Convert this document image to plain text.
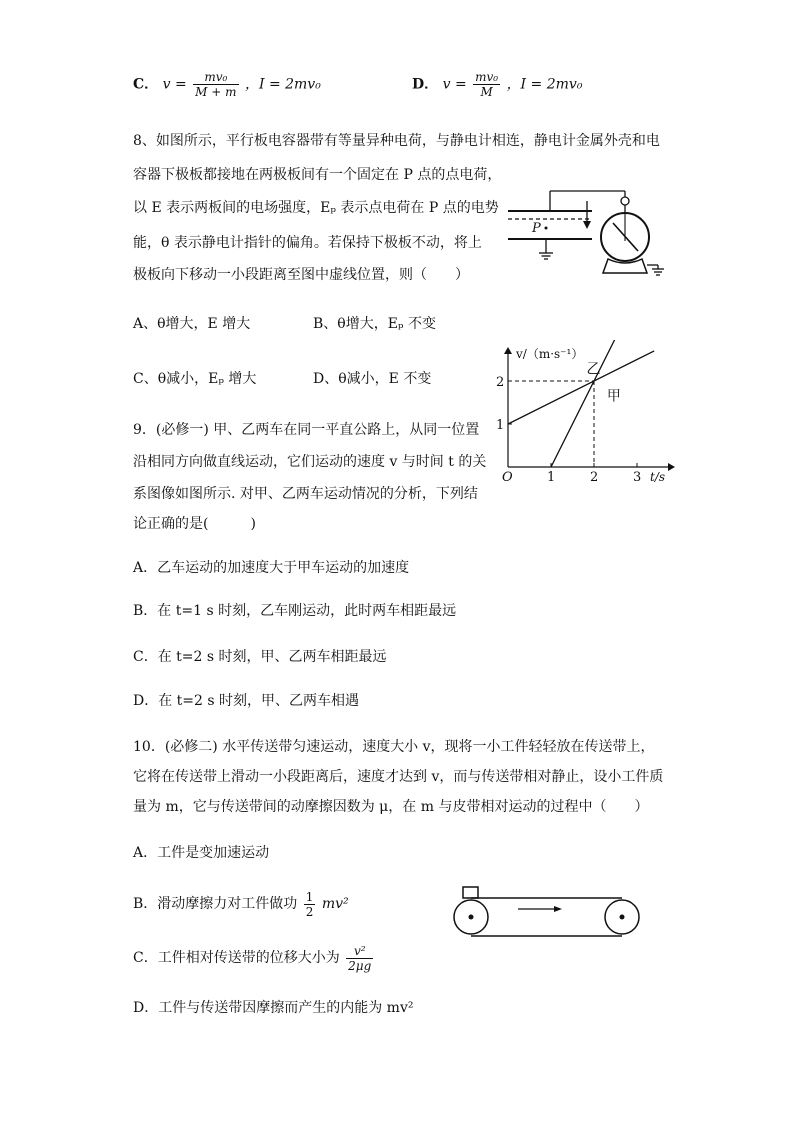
C． $v = \frac{\text{mv₀}}{M + m}$ ，I = 2mv₀	D． $v = \frac{\text{mv₀}}{M}$ ，I = 2mv₀
8、如图所示，平行板电容器带有等量异种电荷，与静电计相连，静电计金属外壳和电
容器下极板都接地在两极板间有一个固定在 P 点的点电荷，
以 E 表示两板间的电场强度，Eₚ 表示点电荷在 P 点的电势
能，θ 表示静电计指针的偏角。若保持下极板不动，将上
极板向下移动一小段距离至图中虚线位置，则（　　）
P
A、θ增大，E 增大	B、θ增大，Eₚ 不变
C、θ减小，Eₚ 增大	D、θ减小，E 不变
9．(必修一) 甲、乙两车在同一平直公路上，从同一位置
沿相同方向做直线运动，它们运动的速度 v 与时间 t 的关
系图像如图所示. 对甲、乙两车运动情况的分析，下列结
论正确的是(　　　)
v/（m·s⁻¹）
t/s
O	1	2	3
1
2
甲
乙
A．乙车运动的加速度大于甲车运动的加速度
B．在 t=1 s 时刻，乙车刚运动，此时两车相距最远
C．在 t=2 s 时刻，甲、乙两车相距最远
D．在 t=2 s 时刻，甲、乙两车相遇
10．(必修二) 水平传送带匀速运动，速度大小 v，现将一小工件轻轻放在传送带上，
它将在传送带上滑动一小段距离后，速度才达到 v，而与传送带相对静止，设小工件质
量为 m，它与传送带间的动摩擦因数为 μ，在 m 与皮带相对运动的过程中（　　）
A．工件是变加速运动
B．滑动摩擦力对工件做功 $\frac{1}{2} mv^2$
C．工件相对传送带的位移大小为 $\frac{\text{v²}}{2\mu g}$
D．工件与传送带因摩擦而产生的内能为 mv²
